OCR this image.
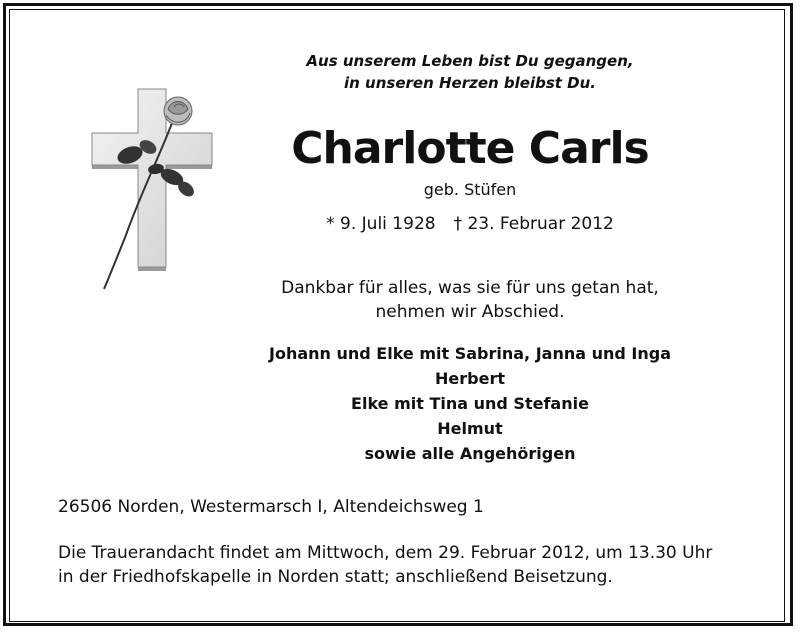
Aus unserem Leben bist Du gegangen,
in unseren Herzen bleibst Du.
Charlotte Carls
geb. Stüfen
* 9. Juli 1928 † 23. Februar 2012
Dankbar für alles, was sie für uns getan hat,
nehmen wir Abschied.
Johann und Elke mit Sabrina, Janna und Inga
Herbert
Elke mit Tina und Stefanie
Helmut
sowie alle Angehörigen
26506 Norden, Westermarsch I, Altendeichsweg 1
Die Trauerandacht findet am Mittwoch, dem 29. Februar 2012, um 13.30 Uhr
in der Friedhofskapelle in Norden statt; anschließend Beisetzung.
